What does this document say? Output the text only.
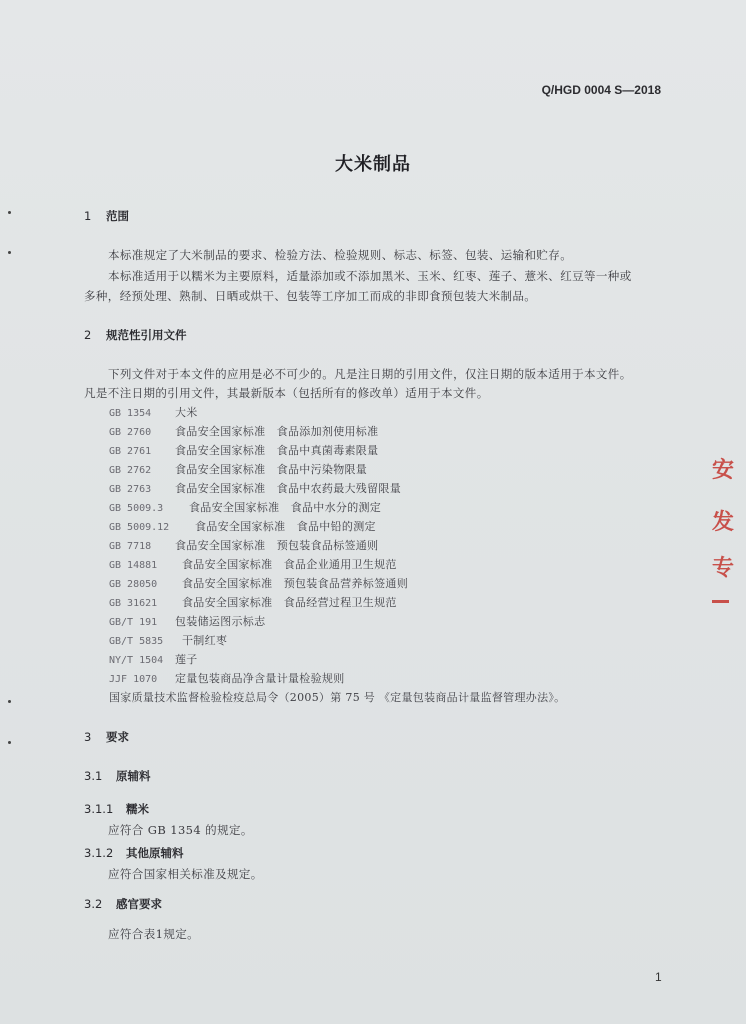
Q/HGD 0004 S—2018
大米制品
1 范围
本标准规定了大米制品的要求、检验方法、检验规则、标志、标签、包装、运输和贮存。
本标准适用于以糯米为主要原料，适量添加或不添加黑米、玉米、红枣、莲子、薏米、红豆等一种或
多种，经预处理、熟制、日晒或烘干、包装等工序加工而成的非即食预包装大米制品。
2 规范性引用文件
下列文件对于本文件的应用是必不可少的。凡是注日期的引用文件，仅注日期的版本适用于本文件。
凡是不注日期的引用文件，其最新版本（包括所有的修改单）适用于本文件。
GB 1354 大米
GB 2760 食品安全国家标准　食品添加剂使用标准
GB 2761 食品安全国家标准　食品中真菌毒素限量
GB 2762 食品安全国家标准　食品中污染物限量
GB 2763 食品安全国家标准　食品中农药最大残留限量
GB 5009.3 食品安全国家标准　食品中水分的测定
GB 5009.12 食品安全国家标准　食品中铅的测定
GB 7718 食品安全国家标准　预包装食品标签通则
GB 14881 食品安全国家标准　食品企业通用卫生规范
GB 28050 食品安全国家标准　预包装食品营养标签通则
GB 31621 食品安全国家标准　食品经营过程卫生规范
GB/T 191 包装储运图示标志
GB/T 5835 干制红枣
NY/T 1504 莲子
JJF 1070 定量包装商品净含量计量检验规则
国家质量技术监督检验检疫总局令（2005）第 75 号 《定量包装商品计量监督管理办法》。
3 要求
3.1 原辅料
3.1.1 糯米
应符合 GB 1354 的规定。
3.1.2 其他原辅料
应符合国家相关标准及规定。
3.2 感官要求
应符合表1规定。
1
安
发
专
